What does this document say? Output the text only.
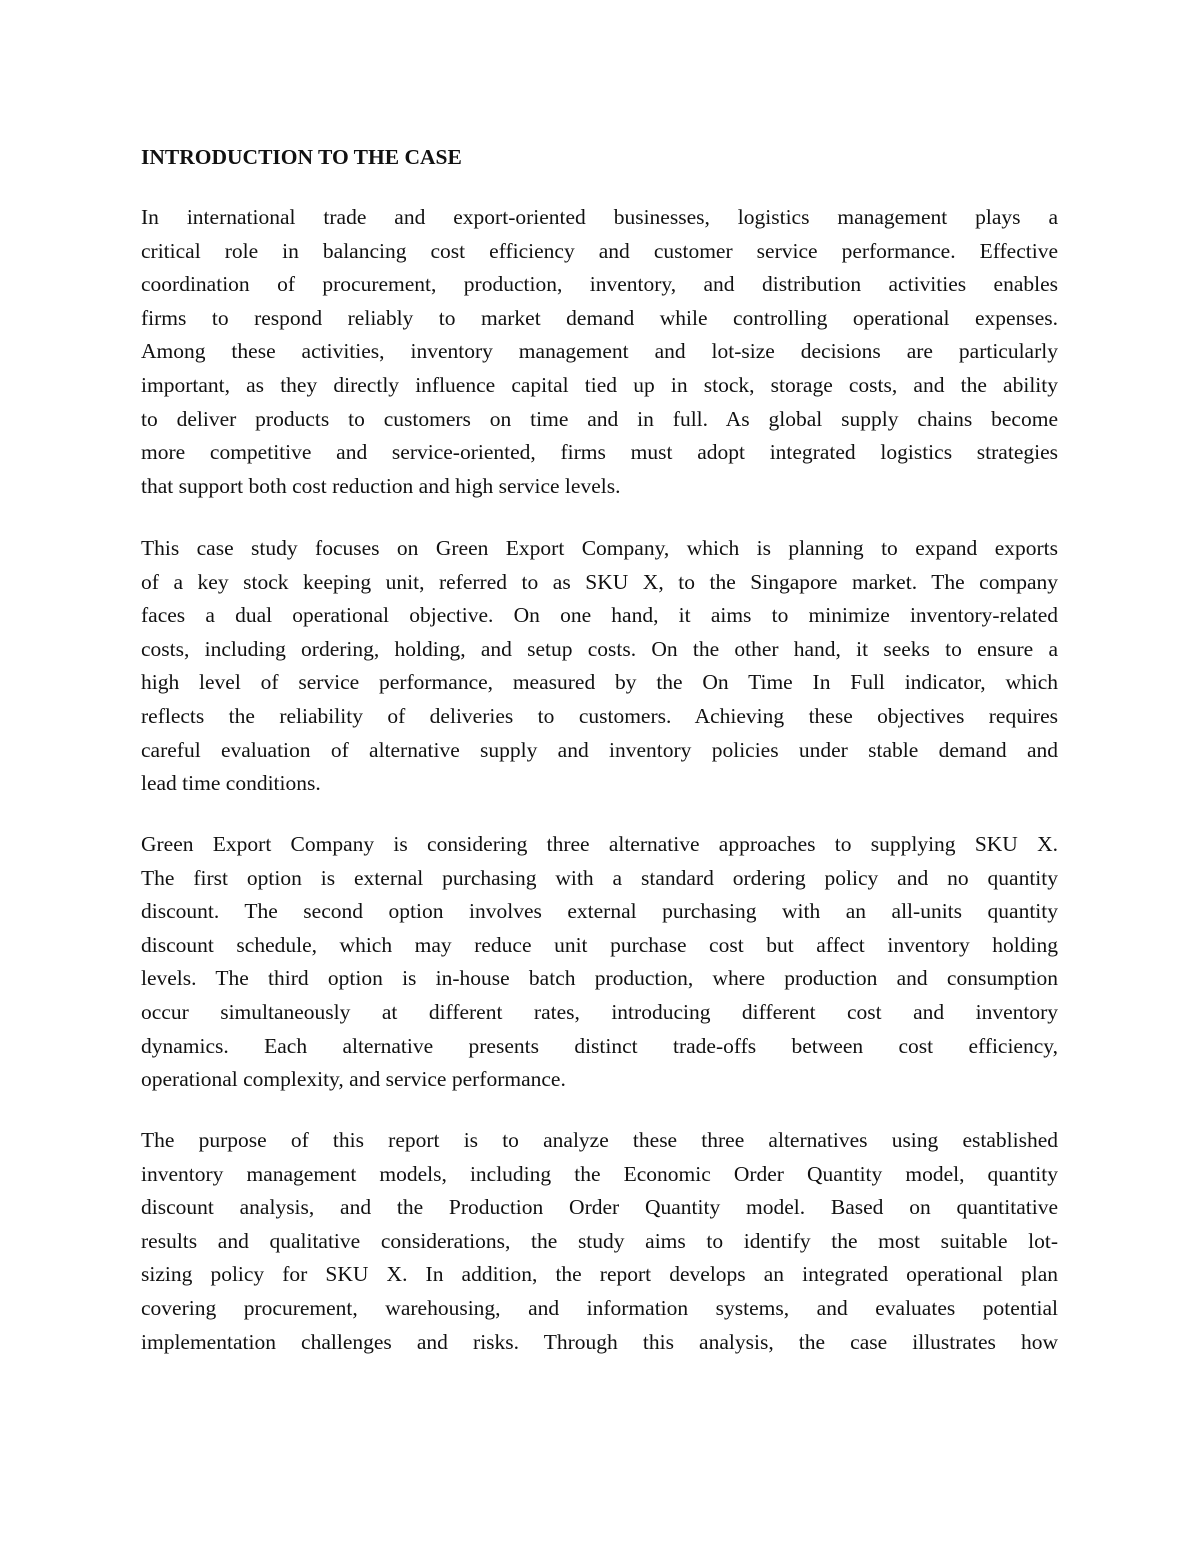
INTRODUCTION TO THE CASE
In international trade and export-oriented businesses, logistics management plays a
critical role in balancing cost efficiency and customer service performance. Effective
coordination of procurement, production, inventory, and distribution activities enables
firms to respond reliably to market demand while controlling operational expenses.
Among these activities, inventory management and lot-size decisions are particularly
important, as they directly influence capital tied up in stock, storage costs, and the ability
to deliver products to customers on time and in full. As global supply chains become
more competitive and service-oriented, firms must adopt integrated logistics strategies
that support both cost reduction and high service levels.
This case study focuses on Green Export Company, which is planning to expand exports
of a key stock keeping unit, referred to as SKU X, to the Singapore market. The company
faces a dual operational objective. On one hand, it aims to minimize inventory-related
costs, including ordering, holding, and setup costs. On the other hand, it seeks to ensure a
high level of service performance, measured by the On Time In Full indicator, which
reflects the reliability of deliveries to customers. Achieving these objectives requires
careful evaluation of alternative supply and inventory policies under stable demand and
lead time conditions.
Green Export Company is considering three alternative approaches to supplying SKU X.
The first option is external purchasing with a standard ordering policy and no quantity
discount. The second option involves external purchasing with an all-units quantity
discount schedule, which may reduce unit purchase cost but affect inventory holding
levels. The third option is in-house batch production, where production and consumption
occur simultaneously at different rates, introducing different cost and inventory
dynamics. Each alternative presents distinct trade-offs between cost efficiency,
operational complexity, and service performance.
The purpose of this report is to analyze these three alternatives using established
inventory management models, including the Economic Order Quantity model, quantity
discount analysis, and the Production Order Quantity model. Based on quantitative
results and qualitative considerations, the study aims to identify the most suitable lot-
sizing policy for SKU X. In addition, the report develops an integrated operational plan
covering procurement, warehousing, and information systems, and evaluates potential
implementation challenges and risks. Through this analysis, the case illustrates how
